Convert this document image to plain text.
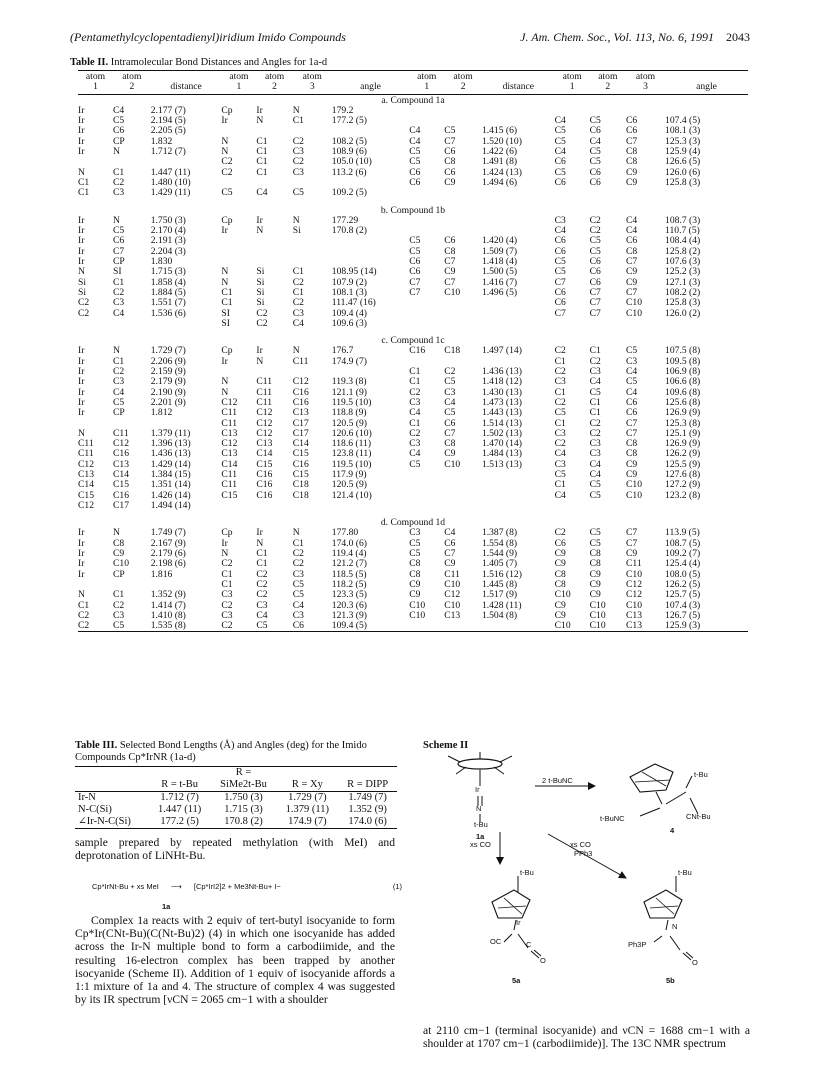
(Pentamethylcyclopentadienyl)iridium Imido Compounds	J. Am. Chem. Soc., Vol. 113, No. 6, 1991 2043
Table II. Intramolecular Bond Distances and Angles for 1a-d
atom	atom		atom	atom	atom		atom	atom		atom	atom	atom	
1	2	distance	1	2	3	angle	1	2	distance	1	2	3	angle
a. Compound 1a													
Ir	C4	2.177 (7)	Cp	Ir	N	179.2							
Ir	C5	2.194 (5)	Ir	N	C1	177.2 (5)				C4	C5	C6	107.4 (5)
Ir	C6	2.205 (5)					C4	C5	1.415 (6)	C5	C6	C6	108.1 (3)
Ir	CP	1.832	N	C1	C2	108.2 (5)	C4	C7	1.520 (10)	C5	C4	C7	125.3 (3)
Ir	N	1.712 (7)	N	C1	C3	108.9 (6)	C5	C6	1.422 (6)	C4	C5	C8	125.9 (4)
			C2	C1	C2	105.0 (10)	C5	C8	1.491 (8)	C6	C5	C8	126.6 (5)
N	C1	1.447 (11)	C2	C1	C3	113.2 (6)	C6	C6	1.424 (13)	C5	C6	C9	126.0 (6)
C1	C2	1.480 (10)					C6	C9	1.494 (6)	C6	C6	C9	125.8 (3)
C1	C3	1.429 (11)	C5	C4	C5	109.2 (5)							

b. Compound 1b													
Ir	N	1.750 (3)	Cp	Ir	N	177.29				C3	C2	C4	108.7 (3)
Ir	C5	2.170 (4)	Ir	N	Si	170.8 (2)				C4	C2	C4	110.7 (5)
Ir	C6	2.191 (3)					C5	C6	1.420 (4)	C6	C5	C6	108.4 (4)
Ir	C7	2.204 (3)					C5	C8	1.509 (7)	C6	C5	C8	125.8 (2)
Ir	CP	1.830					C6	C7	1.418 (4)	C5	C6	C7	107.6 (3)
N	SI	1.715 (3)	N	Si	C1	108.95 (14)	C6	C9	1.500 (5)	C5	C6	C9	125.2 (3)
Si	C1	1.858 (4)	N	Si	C2	107.9 (2)	C7	C7	1.416 (7)	C7	C6	C9	127.1 (3)
Si	C2	1.884 (5)	C1	Si	C1	108.1 (3)	C7	C10	1.496 (5)	C6	C7	C7	108.2 (2)
C2	C3	1.551 (7)	C1	Si	C2	111.47 (16)				C6	C7	C10	125.8 (3)
C2	C4	1.536 (6)	SI	C2	C3	109.4 (4)				C7	C7	C10	126.0 (2)
			SI	C2	C4	109.6 (3)							

c. Compound 1c													
Ir	N	1.729 (7)	Cp	Ir	N	176.7	C16	C18	1.497 (14)	C2	C1	C5	107.5 (8)
Ir	C1	2.206 (9)	Ir	N	C11	174.9 (7)				C1	C2	C3	109.5 (8)
Ir	C2	2.159 (9)					C1	C2	1.436 (13)	C2	C3	C4	106.9 (8)
Ir	C3	2.179 (9)	N	C11	C12	119.3 (8)	C1	C5	1.418 (12)	C3	C4	C5	106.6 (8)
Ir	C4	2.190 (9)	N	C11	C16	121.1 (9)	C2	C3	1.430 (13)	C1	C5	C4	109.6 (8)
Ir	C5	2.201 (9)	C12	C11	C16	119.5 (10)	C3	C4	1.473 (13)	C2	C1	C6	125.6 (8)
Ir	CP	1.812	C11	C12	C13	118.8 (9)	C4	C5	1.443 (13)	C5	C1	C6	126.9 (9)
			C11	C12	C17	120.5 (9)	C1	C6	1.514 (13)	C1	C2	C7	125.3 (8)
N	C11	1.379 (11)	C13	C12	C17	120.6 (10)	C2	C7	1.502 (13)	C3	C2	C7	125.1 (9)
C11	C12	1.396 (13)	C12	C13	C14	118.6 (11)	C3	C8	1.470 (14)	C2	C3	C8	126.9 (9)
C11	C16	1.436 (13)	C13	C14	C15	123.8 (11)	C4	C9	1.484 (13)	C4	C3	C8	126.2 (9)
C12	C13	1.429 (14)	C14	C15	C16	119.5 (10)	C5	C10	1.513 (13)	C3	C4	C9	125.5 (9)
C13	C14	1.384 (15)	C11	C16	C15	117.9 (9)				C5	C4	C9	127.6 (8)
C14	C15	1.351 (14)	C11	C16	C18	120.5 (9)				C1	C5	C10	127.2 (9)
C15	C16	1.426 (14)	C15	C16	C18	121.4 (10)				C4	C5	C10	123.2 (8)
C12	C17	1.494 (14)											

d. Compound 1d													
Ir	N	1.749 (7)	Cp	Ir	N	177.80	C3	C4	1.387 (8)	C2	C5	C7	113.9 (5)
Ir	C8	2.167 (9)	Ir	N	C1	174.0 (6)	C5	C6	1.554 (8)	C6	C5	C7	108.7 (5)
Ir	C9	2.179 (6)	N	C1	C2	119.4 (4)	C5	C7	1.544 (9)	C9	C8	C9	109.2 (7)
Ir	C10	2.198 (6)	C2	C1	C2	121.2 (7)	C8	C9	1.405 (7)	C9	C8	C11	125.4 (4)
Ir	CP	1.816	C1	C2	C3	118.5 (5)	C8	C11	1.516 (12)	C8	C9	C10	108.0 (5)
			C1	C2	C5	118.2 (5)	C9	C10	1.445 (8)	C8	C9	C12	126.2 (5)
N	C1	1.352 (9)	C3	C2	C5	123.3 (5)	C9	C12	1.517 (9)	C10	C9	C12	125.7 (5)
C1	C2	1.414 (7)	C2	C3	C4	120.3 (6)	C10	C10	1.428 (11)	C9	C10	C10	107.4 (3)
C2	C3	1.410 (8)	C3	C4	C3	121.3 (9)	C10	C13	1.504 (8)	C9	C10	C13	126.7 (5)
C2	C5	1.535 (8)	C2	C5	C6	109.4 (5)				C10	C10	C13	125.9 (3)
Table III. Selected Bond Lengths (Å) and Angles (deg) for the Imido Compounds Cp*IrNR (1a-d)
		R =		
	R = t-Bu	SiMe2t-Bu	R = Xy	R = DIPP
Ir-N	1.712 (7)	1.750 (3)	1.729 (7)	1.749 (7)
N-C(Si)	1.447 (11)	1.715 (3)	1.379 (11)	1.352 (9)
∠Ir-N-C(Si)	177.2 (5)	170.8 (2)	174.9 (7)	174.0 (6)

sample prepared by repeated methylation (with MeI) and deprotonation of LiNHt-Bu.

Cp*IrNt-Bu + xs MeI ⟶ [Cp*IrI2]2 + Me3Nt-Bu+ I−	(1)
1a

Complex 1a reacts with 2 equiv of tert-butyl isocyanide to form Cp*Ir(CNt-Bu)(C(Nt-Bu)2) (4) in which one isocyanide has added across the Ir-N multiple bond to form a carbodiimide, and the resulting 16-electron complex has been trapped by another isocyanide (Scheme II). Addition of 1 equiv of isocyanide affords a 1:1 mixture of 1a and 4. The structure of complex 4 was suggested by its IR spectrum [νCN = 2065 cm−1 with a shoulder

Scheme II
Ir
N
t-Bu
1a
2 t-BuNC
t-Bu
CNt-Bu
t-BuNC
4
xs CO	xs CO
PPh3
t-Bu
Ir
OC	C
O
5a
t-Bu
N
Ph3P
O
5b

at 2110 cm−1 (terminal isocyanide) and νCN = 1688 cm−1 with a shoulder at 1707 cm−1 (carbodiimide)]. The 13C NMR spectrum
